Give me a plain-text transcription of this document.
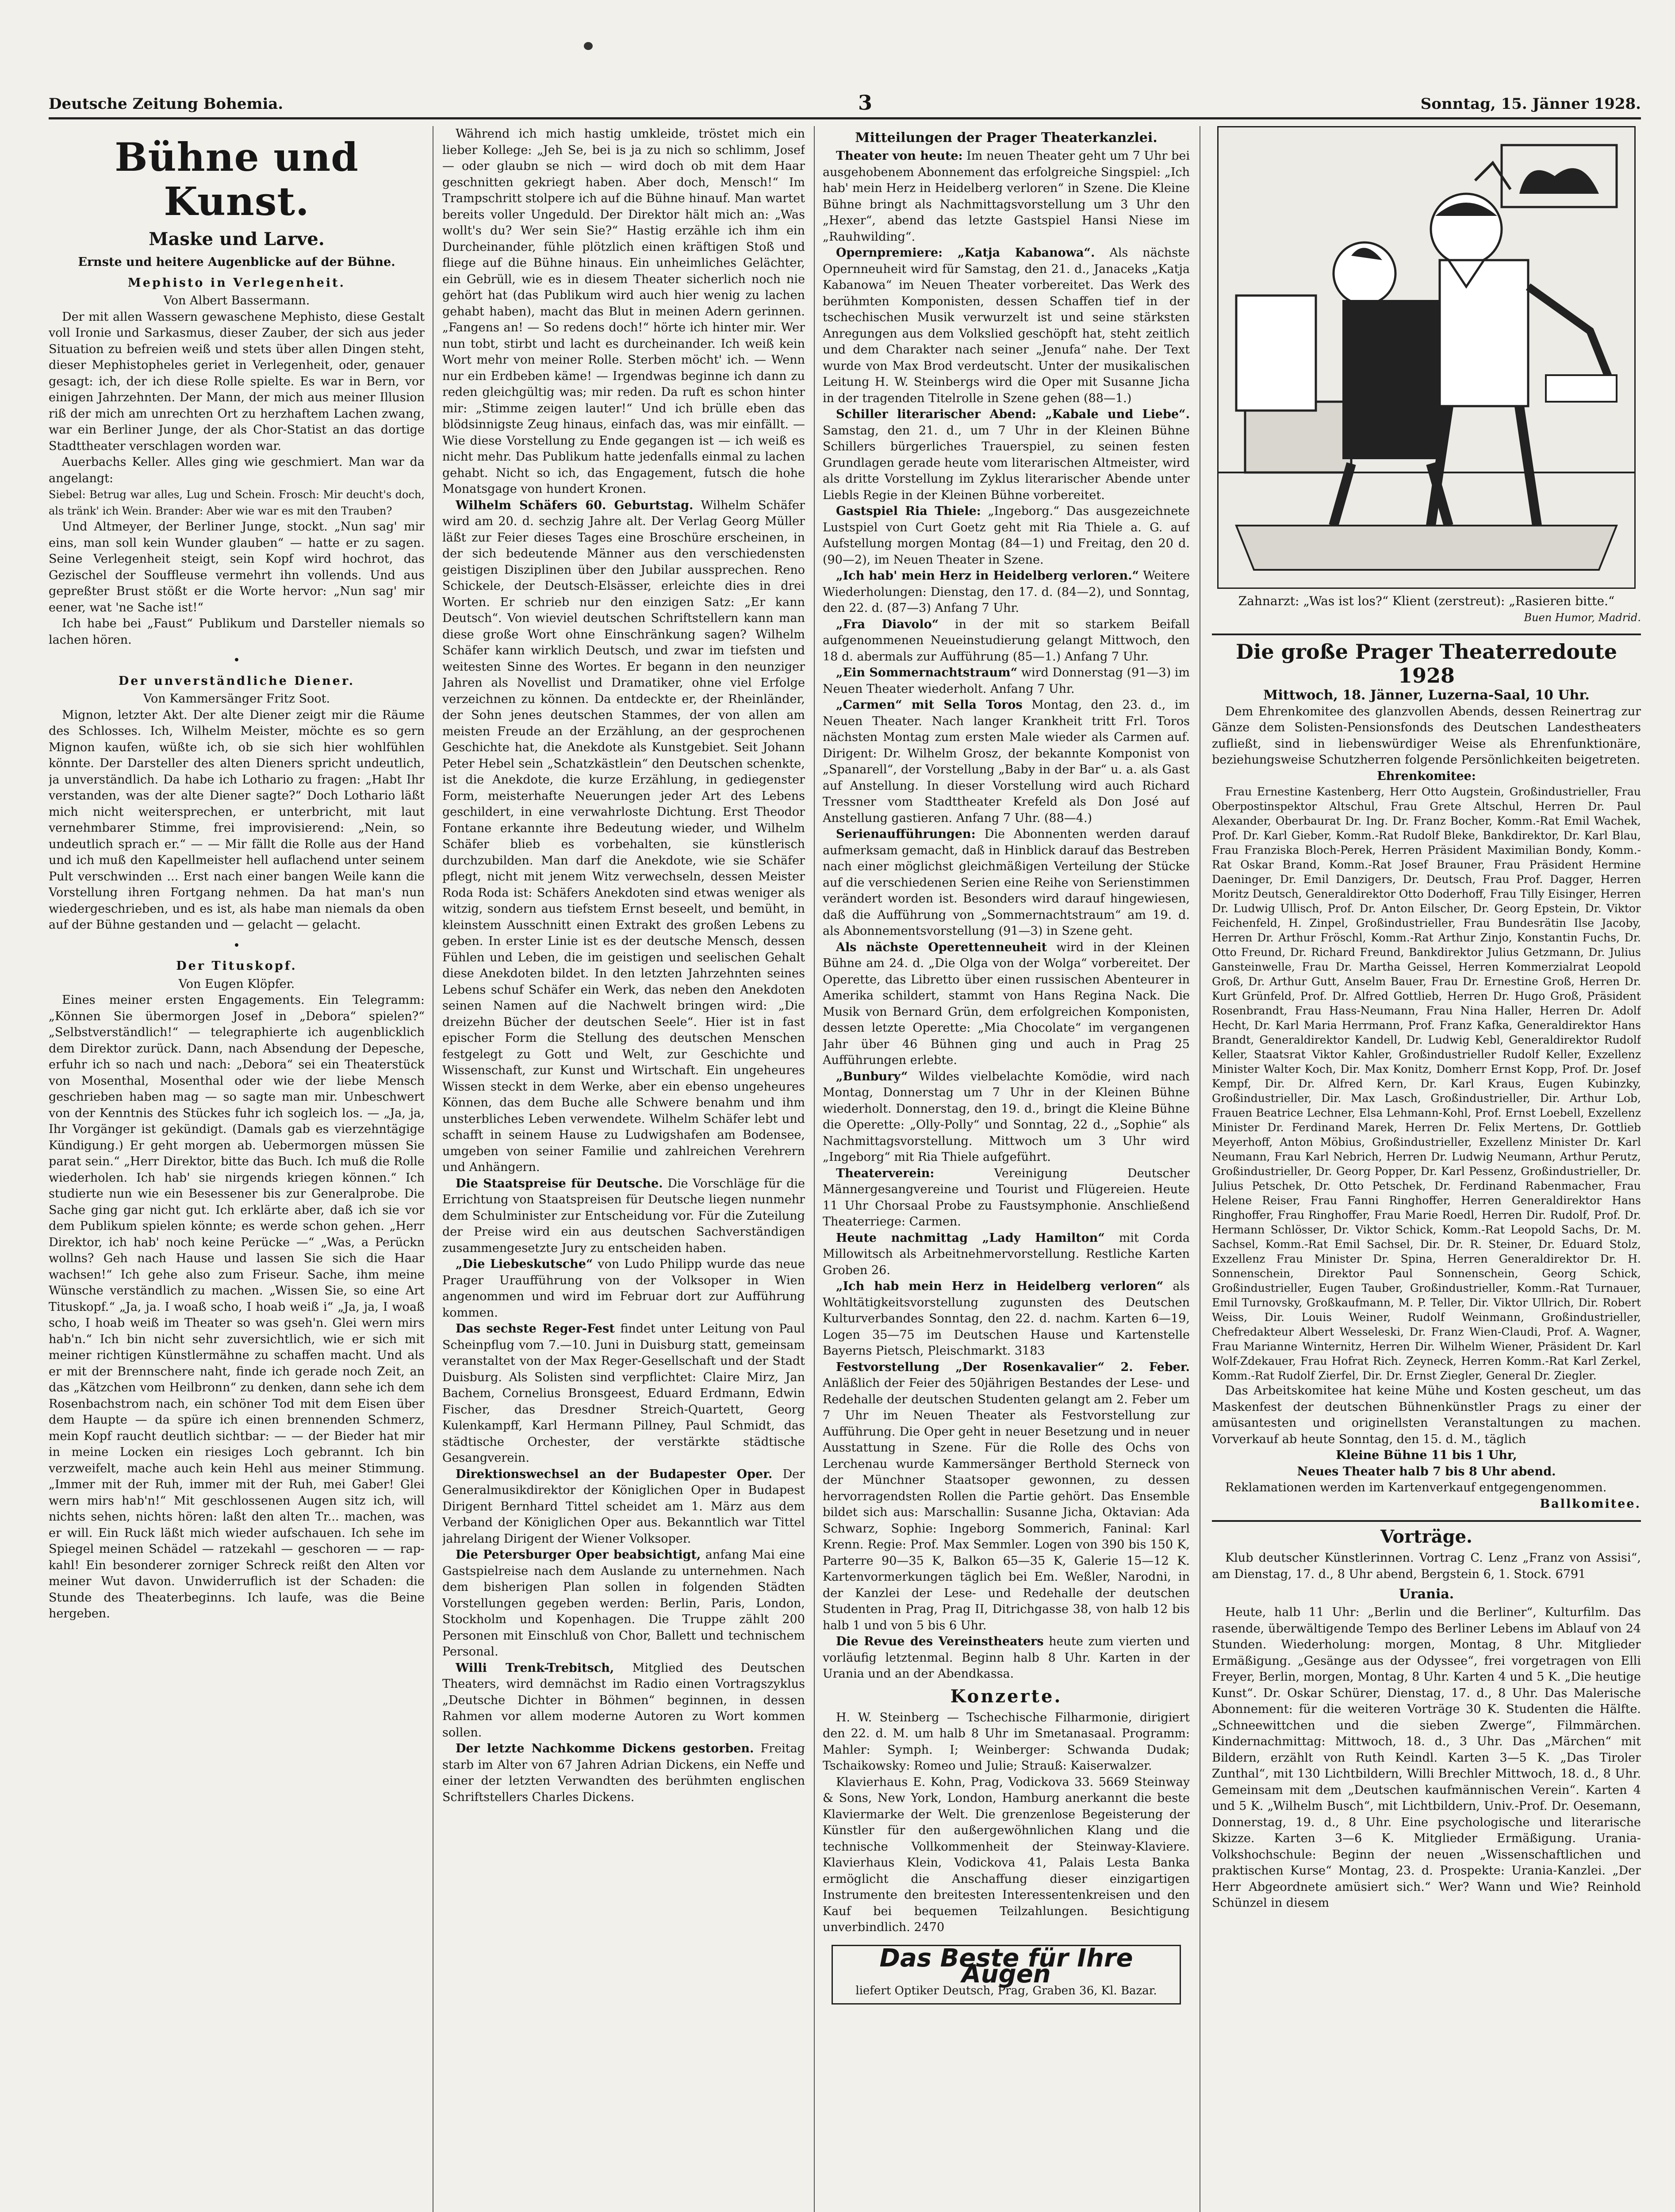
Deutsche Zeitung Bohemia.	3	Sonntag, 15. Jänner 1928.
Bühne und Kunst.
Maske und Larve.
Ernste und heitere Augenblicke auf der Bühne.
Mephisto in Verlegenheit.

Von Albert Bassermann.

Der mit allen Wassern gewaschene Mephisto, diese Gestalt voll Ironie und Sarkasmus, dieser Zauber, der sich aus jeder Situation zu befreien weiß und stets über allen Dingen steht, dieser Mephistopheles geriet in Verlegenheit, oder, genauer gesagt: ich, der ich diese Rolle spielte. Es war in Bern, vor einigen Jahrzehnten. Der Mann, der mich aus meiner Illusion riß der mich am unrechten Ort zu herzhaftem Lachen zwang, war ein Berliner Junge, der als Chor-Statist an das dortige Stadttheater verschlagen worden war.

Auerbachs Keller. Alles ging wie geschmiert. Man war da angelangt:

Siebel: Betrug war alles, Lug und Schein. Frosch: Mir deucht's doch, als tränk' ich Wein. Brander: Aber wie war es mit den Trauben?

Und Altmeyer, der Berliner Junge, stockt. „Nun sag' mir eins, man soll kein Wunder glauben“ — hatte er zu sagen. Seine Verlegenheit steigt, sein Kopf wird hochrot, das Gezischel der Souffleuse vermehrt ihn vollends. Und aus gepreßter Brust stößt er die Worte hervor: „Nun sag' mir eener, wat 'ne Sache ist!“

Ich habe bei „Faust“ Publikum und Darsteller niemals so lachen hören.

•
Der unverständliche Diener.

Von Kammersänger Fritz Soot.

Mignon, letzter Akt. Der alte Diener zeigt mir die Räume des Schlosses. Ich, Wilhelm Meister, möchte es so gern Mignon kaufen, wüßte ich, ob sie sich hier wohlfühlen könnte. Der Darsteller des alten Dieners spricht undeutlich, ja unverständlich. Da habe ich Lothario zu fragen: „Habt Ihr verstanden, was der alte Diener sagte?“ Doch Lothario läßt mich nicht weitersprechen, er unterbricht, mit laut vernehmbarer Stimme, frei improvisierend: „Nein, so undeutlich sprach er.“ — — Mir fällt die Rolle aus der Hand und ich muß den Kapellmeister hell auflachend unter seinem Pult verschwinden ... Erst nach einer bangen Weile kann die Vorstellung ihren Fortgang nehmen. Da hat man's nun wiedergeschrieben, und es ist, als habe man niemals da oben auf der Bühne gestanden und — gelacht — gelacht.

•
Der Tituskopf.

Von Eugen Klöpfer.

Eines meiner ersten Engagements. Ein Telegramm: „Können Sie übermorgen Josef in „Debora“ spielen?“ „Selbstverständlich!“ — telegraphierte ich augenblicklich dem Direktor zurück. Dann, nach Absendung der Depesche, erfuhr ich so nach und nach: „Debora“ sei ein Theaterstück von Mosenthal, Mosenthal oder wie der liebe Mensch geschrieben haben mag — so sagte man mir. Unbeschwert von der Kenntnis des Stückes fuhr ich sogleich los. — „Ja, ja, Ihr Vorgänger ist gekündigt. (Damals gab es vierzehntägige Kündigung.) Er geht morgen ab. Uebermorgen müssen Sie parat sein.“ „Herr Direktor, bitte das Buch. Ich muß die Rolle wiederholen. Ich hab' sie nirgends kriegen können.“ Ich studierte nun wie ein Besessener bis zur Generalprobe. Die Sache ging gar nicht gut. Ich erklärte aber, daß ich sie vor dem Publikum spielen könnte; es werde schon gehen. „Herr Direktor, ich hab' noch keine Perücke —“ „Was, a Perückn wollns? Geh nach Hause und lassen Sie sich die Haar wachsen!“ Ich gehe also zum Friseur. Sache, ihm meine Wünsche verständlich zu machen. „Wissen Sie, so eine Art Tituskopf.“ „Ja, ja. I woaß scho, I hoab weiß i“ „Ja, ja, I woaß scho, I hoab weiß im Theater so was gseh'n. Glei wern mirs hab'n.“ Ich bin nicht sehr zuversichtlich, wie er sich mit meiner richtigen Künstlermähne zu schaffen macht. Und als er mit der Brennschere naht, finde ich gerade noch Zeit, an das „Kätzchen vom Heilbronn“ zu denken, dann sehe ich dem Rosenbachstrom nach, ein schöner Tod mit dem Eisen über dem Haupte — da spüre ich einen brennenden Schmerz, mein Kopf raucht deutlich sichtbar: — — der Bieder hat mir in meine Locken ein riesiges Loch gebrannt. Ich bin verzweifelt, mache auch kein Hehl aus meiner Stimmung. „Immer mit der Ruh, immer mit der Ruh, mei Gaber! Glei wern mirs hab'n!“ Mit geschlossenen Augen sitz ich, will nichts sehen, nichts hören: laßt den alten Tr... machen, was er will. Ein Ruck läßt mich wieder aufschauen. Ich sehe im Spiegel meinen Schädel — ratzekahl — geschoren — — rap-kahl! Ein besonderer zorniger Schreck reißt den Alten vor meiner Wut davon. Unwiderruflich ist der Schaden: die Stunde des Theaterbeginns. Ich laufe, was die Beine hergeben.

Während ich mich hastig umkleide, tröstet mich ein lieber Kollege: „Jeh Se, bei is ja zu nich so schlimm, Josef — oder glaubn se nich — wird doch ob mit dem Haar geschnitten gekriegt haben. Aber doch, Mensch!“ Im Trampschritt stolpere ich auf die Bühne hinauf. Man wartet bereits voller Ungeduld. Der Direktor hält mich an: „Was wollt's du? Wer sein Sie?“ Hastig erzähle ich ihm ein Durcheinander, fühle plötzlich einen kräftigen Stoß und fliege auf die Bühne hinaus. Ein unheimliches Gelächter, ein Gebrüll, wie es in diesem Theater sicherlich noch nie gehört hat (das Publikum wird auch hier wenig zu lachen gehabt haben), macht das Blut in meinen Adern gerinnen. „Fangens an! — So redens doch!“ hörte ich hinter mir. Wer nun tobt, stirbt und lacht es durcheinander. Ich weiß kein Wort mehr von meiner Rolle. Sterben möcht' ich. — Wenn nur ein Erdbeben käme! — Irgendwas beginne ich dann zu reden gleichgültig was; mir reden. Da ruft es schon hinter mir: „Stimme zeigen lauter!“ Und ich brülle eben das blödsinnigste Zeug hinaus, einfach das, was mir einfällt. — Wie diese Vorstellung zu Ende gegangen ist — ich weiß es nicht mehr. Das Publikum hatte jedenfalls einmal zu lachen gehabt. Nicht so ich, das Engagement, futsch die hohe Monatsgage von hundert Kronen.

Wilhelm Schäfers 60. Geburtstag. Wilhelm Schäfer wird am 20. d. sechzig Jahre alt. Der Verlag Georg Müller läßt zur Feier dieses Tages eine Broschüre erscheinen, in der sich bedeutende Männer aus den verschiedensten geistigen Disziplinen über den Jubilar aussprechen. Reno Schickele, der Deutsch-Elsässer, erleichte dies in drei Worten. Er schrieb nur den einzigen Satz: „Er kann Deutsch“. Von wieviel deutschen Schriftstellern kann man diese große Wort ohne Einschränkung sagen? Wilhelm Schäfer kann wirklich Deutsch, und zwar im tiefsten und weitesten Sinne des Wortes. Er begann in den neunziger Jahren als Novellist und Dramatiker, ohne viel Erfolge verzeichnen zu können. Da entdeckte er, der Rheinländer, der Sohn jenes deutschen Stammes, der von allen am meisten Freude an der Erzählung, an der gesprochenen Geschichte hat, die Anekdote als Kunstgebiet. Seit Johann Peter Hebel sein „Schatzkästlein“ den Deutschen schenkte, ist die Anekdote, die kurze Erzählung, in gediegenster Form, meisterhafte Neuerungen jeder Art des Lebens geschildert, in eine verwahrloste Dichtung. Erst Theodor Fontane erkannte ihre Bedeutung wieder, und Wilhelm Schäfer blieb es vorbehalten, sie künstlerisch durchzubilden. Man darf die Anekdote, wie sie Schäfer pflegt, nicht mit jenem Witz verwechseln, dessen Meister Roda Roda ist: Schäfers Anekdoten sind etwas weniger als witzig, sondern aus tiefstem Ernst beseelt, und bemüht, in kleinstem Ausschnitt einen Extrakt des großen Lebens zu geben. In erster Linie ist es der deutsche Mensch, dessen Fühlen und Leben, die im geistigen und seelischen Gehalt diese Anekdoten bildet. In den letzten Jahrzehnten seines Lebens schuf Schäfer ein Werk, das neben den Anekdoten seinen Namen auf die Nachwelt bringen wird: „Die dreizehn Bücher der deutschen Seele“. Hier ist in fast epischer Form die Stellung des deutschen Menschen festgelegt zu Gott und Welt, zur Geschichte und Wissenschaft, zur Kunst und Wirtschaft. Ein ungeheures Wissen steckt in dem Werke, aber ein ebenso ungeheures Können, das dem Buche alle Schwere benahm und ihm unsterbliches Leben verwendete. Wilhelm Schäfer lebt und schafft in seinem Hause zu Ludwigshafen am Bodensee, umgeben von seiner Familie und zahlreichen Verehrern und Anhängern.

Die Staatspreise für Deutsche. Die Vorschläge für die Errichtung von Staatspreisen für Deutsche liegen nunmehr dem Schulminister zur Entscheidung vor. Für die Zuteilung der Preise wird ein aus deutschen Sachverständigen zusammengesetzte Jury zu entscheiden haben.

„Die Liebeskutsche“ von Ludo Philipp wurde das neue Prager Uraufführung von der Volksoper in Wien angenommen und wird im Februar dort zur Aufführung kommen.

Das sechste Reger-Fest findet unter Leitung von Paul Scheinpflug vom 7.—10. Juni in Duisburg statt, gemeinsam veranstaltet von der Max Reger-Gesellschaft und der Stadt Duisburg. Als Solisten sind verpflichtet: Claire Mirz, Jan Bachem, Cornelius Bronsgeest, Eduard Erdmann, Edwin Fischer, das Dresdner Streich-Quartett, Georg Kulenkampff, Karl Hermann Pillney, Paul Schmidt, das städtische Orchester, der verstärkte städtische Gesangverein.

Direktionswechsel an der Budapester Oper. Der Generalmusikdirektor der Königlichen Oper in Budapest Dirigent Bernhard Tittel scheidet am 1. März aus dem Verband der Königlichen Oper aus. Bekanntlich war Tittel jahrelang Dirigent der Wiener Volksoper.

Die Petersburger Oper beabsichtigt, anfang Mai eine Gastspielreise nach dem Auslande zu unternehmen. Nach dem bisherigen Plan sollen in folgenden Städten Vorstellungen gegeben werden: Berlin, Paris, London, Stockholm und Kopenhagen. Die Truppe zählt 200 Personen mit Einschluß von Chor, Ballett und technischem Personal.

Willi Trenk-Trebitsch, Mitglied des Deutschen Theaters, wird demnächst im Radio einen Vortragszyklus „Deutsche Dichter in Böhmen“ beginnen, in dessen Rahmen vor allem moderne Autoren zu Wort kommen sollen.

Der letzte Nachkomme Dickens gestorben. Freitag starb im Alter von 67 Jahren Adrian Dickens, ein Neffe und einer der letzten Verwandten des berühmten englischen Schriftstellers Charles Dickens.

Mitteilungen der Prager Theaterkanzlei.

Theater von heute: Im neuen Theater geht um 7 Uhr bei ausgehobenem Abonnement das erfolgreiche Singspiel: „Ich hab' mein Herz in Heidelberg verloren“ in Szene. Die Kleine Bühne bringt als Nachmittagsvorstellung um 3 Uhr den „Hexer“, abend das letzte Gastspiel Hansi Niese im „Rauhwilding“.

Opernpremiere: „Katja Kabanowa“. Als nächste Opernneuheit wird für Samstag, den 21. d., Janaceks „Katja Kabanowa“ im Neuen Theater vorbereitet. Das Werk des berühmten Komponisten, dessen Schaffen tief in der tschechischen Musik verwurzelt ist und seine stärksten Anregungen aus dem Volkslied geschöpft hat, steht zeitlich und dem Charakter nach seiner „Jenufa“ nahe. Der Text wurde von Max Brod verdeutscht. Unter der musikalischen Leitung H. W. Steinbergs wird die Oper mit Susanne Jicha in der tragenden Titelrolle in Szene gehen (88—1.)

Schiller literarischer Abend: „Kabale und Liebe“. Samstag, den 21. d., um 7 Uhr in der Kleinen Bühne Schillers bürgerliches Trauerspiel, zu seinen festen Grundlagen gerade heute vom literarischen Altmeister, wird als dritte Vorstellung im Zyklus literarischer Abende unter Liebls Regie in der Kleinen Bühne vorbereitet.

Gastspiel Ria Thiele: „Ingeborg.“ Das ausgezeichnete Lustspiel von Curt Goetz geht mit Ria Thiele a. G. auf Aufstellung morgen Montag (84—1) und Freitag, den 20 d. (90—2), im Neuen Theater in Szene.

„Ich hab' mein Herz in Heidelberg verloren.“ Weitere Wiederholungen: Dienstag, den 17. d. (84—2), und Sonntag, den 22. d. (87—3) Anfang 7 Uhr.

„Fra Diavolo“ in der mit so starkem Beifall aufgenommenen Neueinstudierung gelangt Mittwoch, den 18 d. abermals zur Aufführung (85—1.) Anfang 7 Uhr.

„Ein Sommernachtstraum“ wird Donnerstag (91—3) im Neuen Theater wiederholt. Anfang 7 Uhr.

„Carmen“ mit Sella Toros Montag, den 23. d., im Neuen Theater. Nach langer Krankheit tritt Frl. Toros nächsten Montag zum ersten Male wieder als Carmen auf. Dirigent: Dr. Wilhelm Grosz, der bekannte Komponist von „Spanarell“, der Vorstellung „Baby in der Bar“ u. a. als Gast auf Anstellung. In dieser Vorstellung wird auch Richard Tressner vom Stadttheater Krefeld als Don José auf Anstellung gastieren. Anfang 7 Uhr. (88—4.)

Serienaufführungen: Die Abonnenten werden darauf aufmerksam gemacht, daß in Hinblick darauf das Bestreben nach einer möglichst gleichmäßigen Verteilung der Stücke auf die verschiedenen Serien eine Reihe von Serienstimmen verändert worden ist. Besonders wird darauf hingewiesen, daß die Aufführung von „Sommernachtstraum“ am 19. d. als Abonnementsvorstellung (91—3) in Szene geht.

Als nächste Operettenneuheit wird in der Kleinen Bühne am 24. d. „Die Olga von der Wolga“ vorbereitet. Der Operette, das Libretto über einen russischen Abenteurer in Amerika schildert, stammt von Hans Regina Nack. Die Musik von Bernard Grün, dem erfolgreichen Komponisten, dessen letzte Operette: „Mia Chocolate“ im vergangenen Jahr über 46 Bühnen ging und auch in Prag 25 Aufführungen erlebte.

„Bunbury“ Wildes vielbelachte Komödie, wird nach Montag, Donnerstag um 7 Uhr in der Kleinen Bühne wiederholt. Donnerstag, den 19. d., bringt die Kleine Bühne die Operette: „Olly-Polly“ und Sonntag, 22 d., „Sophie“ als Nachmittagsvorstellung. Mittwoch um 3 Uhr wird „Ingeborg“ mit Ria Thiele aufgeführt.

Theaterverein:	Vereinigung Deutscher Männergesangvereine und Tourist und Flügereien. Heute 11 Uhr Chorsaal Probe zu Faustsymphonie. Anschließend Theaterriege: Carmen.

Heute nachmittag „Lady Hamilton“ mit Corda Millowitsch als Arbeitnehmervorstellung. Restliche Karten Groben 26.

„Ich hab mein Herz in Heidelberg verloren“ als Wohltätigkeitsvorstellung zugunsten des Deutschen Kulturverbandes Sonntag, den 22. d. nachm. Karten 6—19, Logen 35—75 im Deutschen Hause und Kartenstelle Bayerns Pietsch, Pleischmarkt. 3183

Festvorstellung „Der Rosenkavalier“ 2. Feber. Anläßlich der Feier des 50jährigen Bestandes der Lese- und Redehalle der deutschen Studenten gelangt am 2. Feber um 7 Uhr im Neuen Theater als Festvorstellung zur Aufführung. Die Oper geht in neuer Besetzung und in neuer Ausstattung in Szene. Für die Rolle des Ochs von Lerchenau wurde Kammersänger Berthold Sterneck von der Münchner Staatsoper gewonnen, zu dessen hervorragendsten Rollen die Partie gehört. Das Ensemble bildet sich aus: Marschallin: Susanne Jicha, Oktavian: Ada Schwarz, Sophie: Ingeborg Sommerich, Faninal: Karl Krenn. Regie: Prof. Max Semmler. Logen von 390 bis 150 K, Parterre 90—35 K, Balkon 65—35 K, Galerie 15—12 K. Kartenvormerkungen täglich bei Em. Weßler, Narodni, in der Kanzlei der Lese- und Redehalle der deutschen Studenten in Prag, Prag II, Ditrichgasse 38, von halb 12 bis halb 1 und von 5 bis 6 Uhr.

Die Revue des Vereinstheaters heute zum vierten und vorläufig letztenmal. Beginn halb 8 Uhr. Karten in der Urania und an der Abendkassa.

Konzerte.

H. W. Steinberg — Tschechische Filharmonie, dirigiert den 22. d. M. um halb 8 Uhr im Smetanasaal. Programm: Mahler: Symph. I; Weinberger: Schwanda Dudak; Tschaikowsky: Romeo und Julie; Strauß: Kaiserwalzer.

Klavierhaus E. Kohn, Prag, Vodickova 33. 5669 Steinway & Sons, New York, London, Hamburg anerkannt die beste Klaviermarke der Welt. Die grenzenlose Begeisterung der Künstler für den außergewöhnlichen Klang und die technische Vollkommenheit der Steinway-Klaviere. Klavierhaus Klein, Vodickova 41, Palais Lesta Banka ermöglicht die Anschaffung dieser einzigartigen Instrumente den breitesten Interessentenkreisen und den Kauf bei bequemen Teilzahlungen. Besichtigung unverbindlich. 2470

Das Beste für Ihre Augen
liefert Optiker Deutsch, Prag, Graben 36, Kl. Bazar.
Zahnarzt: „Was ist los?“ Klient (zerstreut): „Rasieren bitte.“
Buen Humor, Madrid.
Die große Prager Theaterredoute 1928

Mittwoch, 18. Jänner, Luzerna-Saal, 10 Uhr.

Dem Ehrenkomitee des glanzvollen Abends, dessen Reinertrag zur Gänze dem Solisten-Pensionsfonds des Deutschen Landestheaters zufließt, sind in liebenswürdiger Weise als Ehrenfunktionäre, beziehungsweise Schutzherren folgende Persönlichkeiten beigetreten.

Ehrenkomitee:

Frau Ernestine Kastenberg, Herr Otto Augstein, Großindustrieller, Frau Oberpostinspektor Altschul, Frau Grete Altschul, Herren Dr. Paul Alexander, Oberbaurat Dr. Ing. Dr. Franz Bocher, Komm.-Rat Emil Wachek, Prof. Dr. Karl Gieber, Komm.-Rat Rudolf Bleke, Bankdirektor, Dr. Karl Blau, Frau Franziska Bloch-Perek, Herren Präsident Maximilian Bondy, Komm.-Rat Oskar Brand, Komm.-Rat Josef Brauner, Frau Präsident Hermine Daeninger, Dr. Emil Danzigers, Dr. Deutsch, Frau Prof. Dagger, Herren Moritz Deutsch, Generaldirektor Otto Doderhoff, Frau Tilly Eisinger, Herren Dr. Ludwig Ullisch, Prof. Dr. Anton Eilscher, Dr. Georg Epstein, Dr. Viktor Feichenfeld, H. Zinpel, Großindustrieller, Frau Bundesrätin Ilse Jacoby, Herren Dr. Arthur Fröschl, Komm.-Rat Arthur Zinjo, Konstantin Fuchs, Dr. Otto Freund, Dr. Richard Freund, Bankdirektor Julius Getzmann, Dr. Julius Gansteinwelle, Frau Dr. Martha Geissel, Herren Kommerzialrat Leopold Groß, Dr. Arthur Gutt, Anselm Bauer, Frau Dr. Ernestine Groß, Herren Dr. Kurt Grünfeld, Prof. Dr. Alfred Gottlieb, Herren Dr. Hugo Groß, Präsident Rosenbrandt, Frau Hass-Neumann, Frau Nina Haller, Herren Dr. Adolf Hecht, Dr. Karl Maria Herrmann, Prof. Franz Kafka, Generaldirektor Hans Brandt, Generaldirektor Kandell, Dr. Ludwig Kebl, Generaldirektor Rudolf Keller, Staatsrat Viktor Kahler, Großindustrieller Rudolf Keller, Exzellenz Minister Walter Koch, Dir. Max Konitz, Domherr Ernst Kopp, Prof. Dr. Josef Kempf, Dir. Dr. Alfred Kern, Dr. Karl Kraus, Eugen Kubinzky, Großindustrieller, Dir. Max Lasch, Großindustrieller, Dir. Arthur Lob, Frauen Beatrice Lechner, Elsa Lehmann-Kohl, Prof. Ernst Loebell, Exzellenz Minister Dr. Ferdinand Marek, Herren Dr. Felix Mertens, Dr. Gottlieb Meyerhoff, Anton Möbius, Großindustrieller, Exzellenz Minister Dr. Karl Neumann, Frau Karl Nebrich, Herren Dr. Ludwig Neumann, Arthur Perutz, Großindustrieller, Dr. Georg Popper, Dr. Karl Pessenz, Großindustrieller, Dr. Julius Petschek, Dr. Otto Petschek, Dr. Ferdinand Rabenmacher, Frau Helene Reiser, Frau Fanni Ringhoffer, Herren Generaldirektor Hans Ringhoffer, Frau Ringhoffer, Frau Marie Roedl, Herren Dir. Rudolf, Prof. Dr. Hermann Schlösser, Dr. Viktor Schick, Komm.-Rat Leopold Sachs, Dr. M. Sachsel, Komm.-Rat Emil Sachsel, Dir. Dr. R. Steiner, Dr. Eduard Stolz, Exzellenz Frau Minister Dr. Spina, Herren Generaldirektor Dr. H. Sonnenschein, Direktor Paul Sonnenschein, Georg Schick, Großindustrieller, Eugen Tauber, Großindustrieller, Komm.-Rat Turnauer, Emil Turnovsky, Großkaufmann, M. P. Teller, Dir. Viktor Ullrich, Dir. Robert Weiss, Dir. Louis Weiner, Rudolf Weinmann, Großindustrieller, Chefredakteur Albert Wesseleski, Dr. Franz Wien-Claudi, Prof. A. Wagner, Frau Marianne Winternitz, Herren Dir. Wilhelm Wiener, Präsident Dr. Karl Wolf-Zdekauer, Frau Hofrat Rich. Zeyneck, Herren Komm.-Rat Karl Zerkel, Komm.-Rat Rudolf Zierfel, Dir. Dr. Ernst Ziegler, General Dr. Ziegler.

Das Arbeitskomitee hat keine Mühe und Kosten gescheut, um das Maskenfest der deutschen Bühnenkünstler Prags zu einer der amüsantesten und originellsten Veranstaltungen zu machen. Vorverkauf ab heute Sonntag, den 15. d. M., täglich

Kleine Bühne 11 bis 1 Uhr,

Neues Theater halb 7 bis 8 Uhr abend.

Reklamationen werden im Kartenverkauf entgegengenommen.

Ballkomitee.

Vorträge.

Klub deutscher Künstlerinnen. Vortrag C. Lenz „Franz von Assisi“, am Dienstag, 17. d., 8 Uhr abend, Bergstein 6, 1. Stock. 6791

Urania.

Heute, halb 11 Uhr: „Berlin und die Berliner“, Kulturfilm. Das rasende, überwältigende Tempo des Berliner Lebens im Ablauf von 24 Stunden. Wiederholung: morgen, Montag, 8 Uhr. Mitglieder Ermäßigung. „Gesänge aus der Odyssee“, frei vorgetragen von Elli Freyer, Berlin, morgen, Montag, 8 Uhr. Karten 4 und 5 K. „Die heutige Kunst“. Dr. Oskar Schürer, Dienstag, 17. d., 8 Uhr. Das Malerische Abonnement: für die weiteren Vorträge 30 K. Studenten die Hälfte. „Schneewittchen und die sieben Zwerge“, Filmmärchen. Kindernachmittag: Mittwoch, 18. d., 3 Uhr. Das „Märchen“ mit Bildern, erzählt von Ruth Keindl. Karten 3—5 K. „Das Tiroler Zunthal“, mit 130 Lichtbildern, Willi Brechler Mittwoch, 18. d., 8 Uhr. Gemeinsam mit dem „Deutschen kaufmännischen Verein“. Karten 4 und 5 K. „Wilhelm Busch“, mit Lichtbildern, Univ.-Prof. Dr. Oesemann, Donnerstag, 19. d., 8 Uhr. Eine psychologische und literarische Skizze. Karten 3—6 K. Mitglieder Ermäßigung. Urania-Volkshochschule: Beginn der neuen „Wissenschaftlichen und praktischen Kurse“ Montag, 23. d. Prospekte: Urania-Kanzlei. „Der Herr Abgeordnete amüsiert sich.“ Wer? Wann und Wie? Reinhold Schünzel in diesem
